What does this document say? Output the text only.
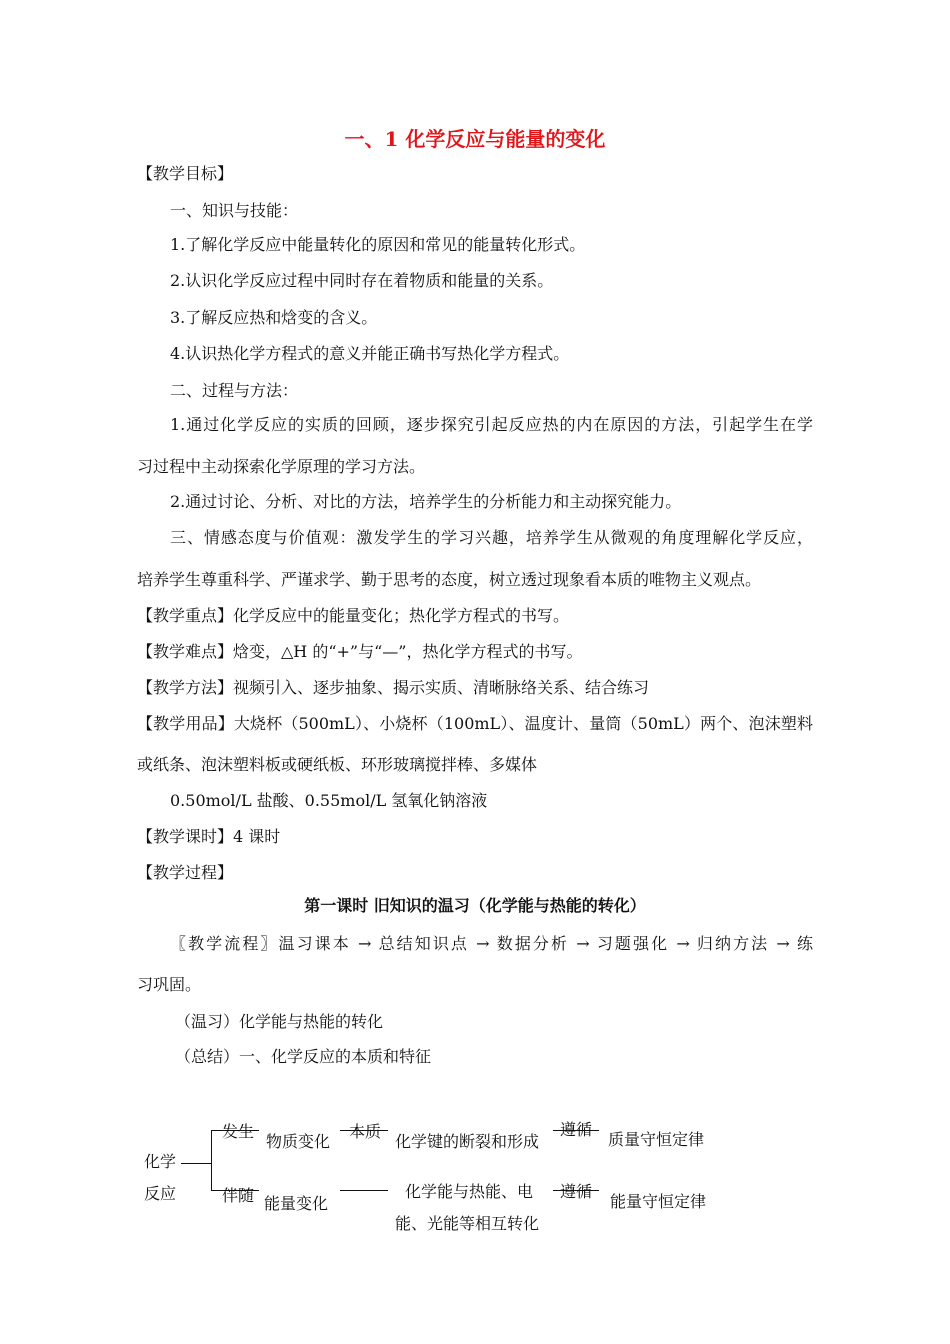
一、1 化学反应与能量的变化
【教学目标】
一、知识与技能：
1.了解化学反应中能量转化的原因和常见的能量转化形式。
2.认识化学反应过程中同时存在着物质和能量的关系。
3.了解反应热和焓变的含义。
4.认识热化学方程式的意义并能正确书写热化学方程式。
二、过程与方法：
1.通过化学反应的实质的回顾，逐步探究引起反应热的内在原因的方法，引起学生在学
习过程中主动探索化学原理的学习方法。
2.通过讨论、分析、对比的方法，培养学生的分析能力和主动探究能力。
三、情感态度与价值观：激发学生的学习兴趣，培养学生从微观的角度理解化学反应，
培养学生尊重科学、严谨求学、勤于思考的态度，树立透过现象看本质的唯物主义观点。
【教学重点】化学反应中的能量变化；热化学方程式的书写。
【教学难点】焓变，△H 的“+”与“—”，热化学方程式的书写。
【教学方法】视频引入、逐步抽象、揭示实质、清晰脉络关系、结合练习
【教学用品】大烧杯（500mL）、小烧杯（100mL）、温度计、量筒（50mL）两个、泡沫塑料
或纸条、泡沫塑料板或硬纸板、环形玻璃搅拌棒、多媒体
0.50mol/L 盐酸、0.55mol/L 氢氧化钠溶液
【教学课时】4 课时
【教学过程】
第一课时 旧知识的温习（化学能与热能的转化）
〖教学流程〗温习课本 → 总结知识点 → 数据分析 → 习题强化 → 归纳方法 → 练
习巩固。
（温习）化学能与热能的转化
（总结）一、化学反应的本质和特征
化学
反应
发生
物质变化
本质
化学键的断裂和形成
遵循
质量守恒定律
伴随 能量变化
化学能与热能、电
能、光能等相互转化
遵循
能量守恒定律
